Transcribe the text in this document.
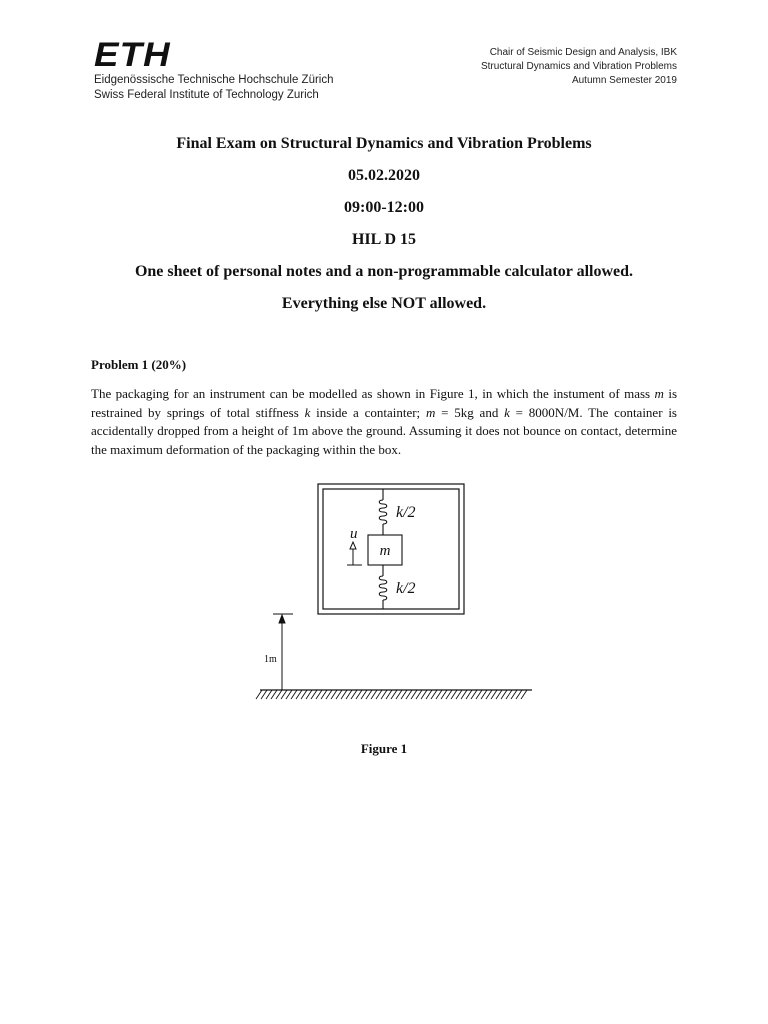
ETH
Eidgenössische Technische Hochschule Zürich
Swiss Federal Institute of Technology Zurich
Chair of Seismic Design and Analysis, IBK
Structural Dynamics and Vibration Problems
Autumn Semester 2019

Final Exam on Structural Dynamics and Vibration Problems

05.02.2020

09:00-12:00

HIL D 15

One sheet of personal notes and a non-programmable calculator allowed.

Everything else NOT allowed.

Problem 1 (20%)
The packaging for an instrument can be modelled as shown in Figure 1, in which the instument of mass m is restrained by springs of total stiffness k inside a containter; m = 5kg and k = 8000N/M. The container is accidentally dropped from a height of 1m above the ground. Assuming it does not bounce on contact, determine the maximum deformation of the packaging within the box.
k/2
m
u
k/2
1m
Figure 1
